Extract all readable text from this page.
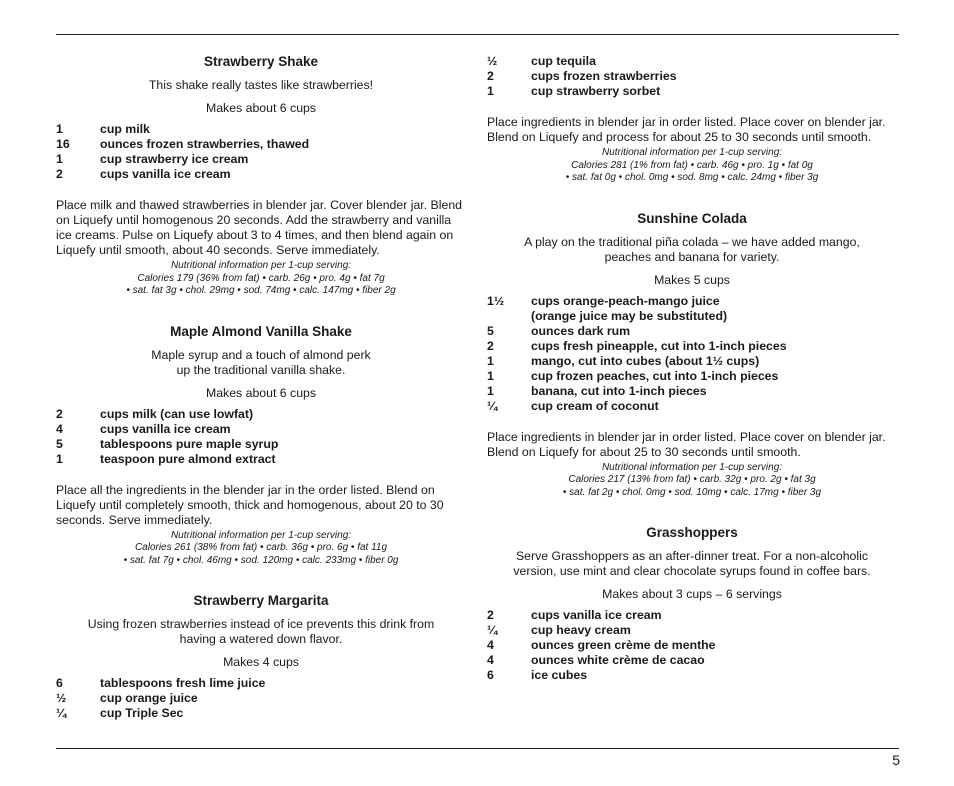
Strawberry Shake
This shake really tastes like strawberries!
Makes about 6 cups
1	cup milk
16	ounces frozen strawberries, thawed
1	cup strawberry ice cream
2	cups vanilla ice cream
Place milk and thawed strawberries in blender jar. Cover blender jar. Blend on Liquefy until homogenous 20 seconds. Add the strawberry and vanilla ice creams. Pulse on Liquefy about 3 to 4 times, and then blend again on Liquefy until smooth, about 40 seconds. Serve immediately.

Nutritional information per 1-cup serving:
Calories 179 (36% from fat) • carb. 26g • pro. 4g • fat 7g
• sat. fat 3g • chol. 29mg • sod. 74mg • calc. 147mg • fiber 2g

Maple Almond Vanilla Shake
Maple syrup and a touch of almond perk
up the traditional vanilla shake.
Makes about 6 cups
2	cups milk (can use lowfat)
4	cups vanilla ice cream
5	tablespoons pure maple syrup
1	teaspoon pure almond extract
Place all the ingredients in the blender jar in the order listed. Blend on Liquefy until completely smooth, thick and homogenous, about 20 to 30 seconds. Serve immediately.

Nutritional information per 1-cup serving:
Calories 261 (38% from fat) • carb. 36g • pro. 6g • fat 11g
• sat. fat 7g • chol. 46mg • sod. 120mg • calc. 233mg • fiber 0g

Strawberry Margarita
Using frozen strawberries instead of ice prevents this drink from
having a watered down flavor.
Makes 4 cups
6	tablespoons fresh lime juice
½	cup orange juice
¼	cup Triple Sec
½	cup tequila
2	cups frozen strawberries
1	cup strawberry sorbet
Place ingredients in blender jar in order listed. Place cover on blender jar. Blend on Liquefy and process for about 25 to 30 seconds until smooth.

Nutritional information per 1-cup serving:
Calories 281 (1% from fat) • carb. 46g • pro. 1g • fat 0g
• sat. fat 0g • chol. 0mg • sod. 8mg • calc. 24mg • fiber 3g

Sunshine Colada
A play on the traditional piña colada – we have added mango,
peaches and banana for variety.
Makes 5 cups
1½	cups orange-peach-mango juice
(orange juice may be substituted)
5	ounces dark rum
2	cups fresh pineapple, cut into 1-inch pieces
1	mango, cut into cubes (about 1½ cups)
1	cup frozen peaches, cut into 1-inch pieces
1	banana, cut into 1-inch pieces
¼	cup cream of coconut
Place ingredients in blender jar in order listed. Place cover on blender jar. Blend on Liquefy for about 25 to 30 seconds until smooth.

Nutritional information per 1-cup serving:
Calories 217 (13% from fat) • carb. 32g • pro. 2g • fat 3g
• sat. fat 2g • chol. 0mg • sod. 10mg • calc. 17mg • fiber 3g

Grasshoppers
Serve Grasshoppers as an after-dinner treat. For a non-alcoholic
version, use mint and clear chocolate syrups found in coffee bars.
Makes about 3 cups – 6 servings
2	cups vanilla ice cream
¼	cup heavy cream
4	ounces green crème de menthe
4	ounces white crème de cacao
6	ice cubes
5
